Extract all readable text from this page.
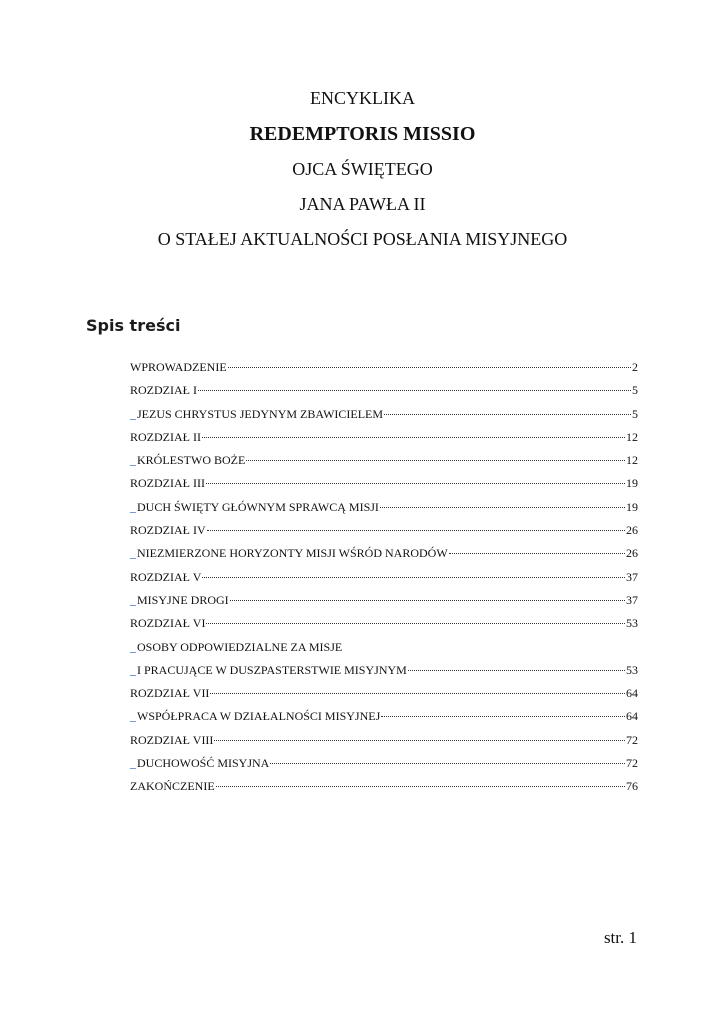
ENCYKLIKA

REDEMPTORIS MISSIO

OJCA ŚWIĘTEGO

JANA PAWŁA II

O STAŁEJ AKTUALNOŚCI POSŁANIA MISYJNEGO

Spis treści
WPROWADZENIE	2
ROZDZIAŁ I	5
_ JEZUS CHRYSTUS JEDYNYM ZBAWICIELEM	5
ROZDZIAŁ II	12
_ KRÓLESTWO BOŻE	12
ROZDZIAŁ III	19
_ DUCH ŚWIĘTY GŁÓWNYM SPRAWCĄ MISJI	19
ROZDZIAŁ IV	26
_ NIEZMIERZONE HORYZONTY MISJI WŚRÓD NARODÓW	26
ROZDZIAŁ V	37
_ MISYJNE DROGI	37
ROZDZIAŁ VI	53
_ OSOBY ODPOWIEDZIALNE ZA MISJE
_ I PRACUJĄCE W DUSZPASTERSTWIE MISYJNYM	53
ROZDZIAŁ VII	64
_ WSPÓŁPRACA W DZIAŁALNOŚCI MISYJNEJ	64
ROZDZIAŁ VIII	72
_ DUCHOWOŚĆ MISYJNA	72
ZAKOŃCZENIE	76

str. 1
